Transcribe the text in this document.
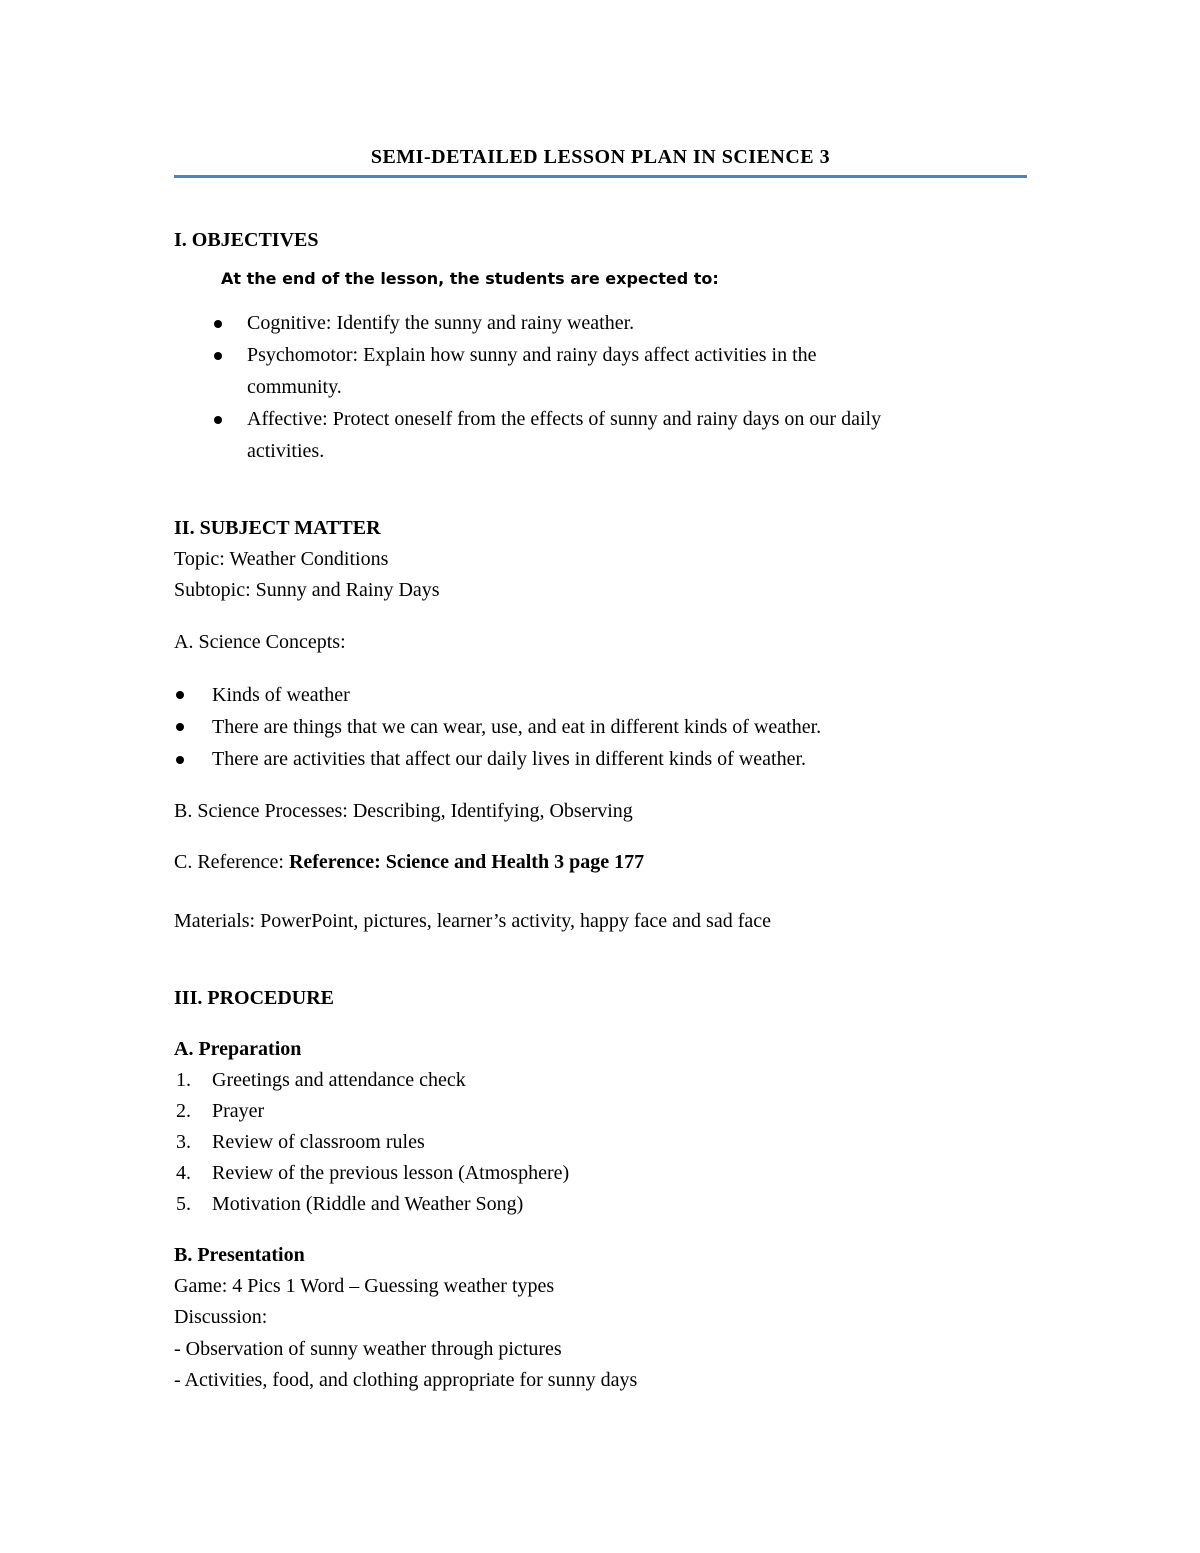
SEMI-DETAILED LESSON PLAN IN SCIENCE 3
I. OBJECTIVES
At the end of the lesson, the students are expected to:
Cognitive: Identify the sunny and rainy weather.
Psychomotor: Explain how sunny and rainy days affect activities in the
community.
Affective: Protect oneself from the effects of sunny and rainy days on our daily
activities.
II. SUBJECT MATTER
Topic: Weather Conditions
Subtopic: Sunny and Rainy Days
A. Science Concepts:
Kinds of weather
There are things that we can wear, use, and eat in different kinds of weather.
There are activities that affect our daily lives in different kinds of weather.
B. Science Processes: Describing, Identifying, Observing
C. Reference: Reference: Science and Health 3 page 177
Materials: PowerPoint, pictures, learner’s activity, happy face and sad face
III. PROCEDURE
A. Preparation
1. Greetings and attendance check
2. Prayer
3. Review of classroom rules
4. Review of the previous lesson (Atmosphere)
5. Motivation (Riddle and Weather Song)
B. Presentation
Game: 4 Pics 1 Word – Guessing weather types
Discussion:
- Observation of sunny weather through pictures
- Activities, food, and clothing appropriate for sunny days
